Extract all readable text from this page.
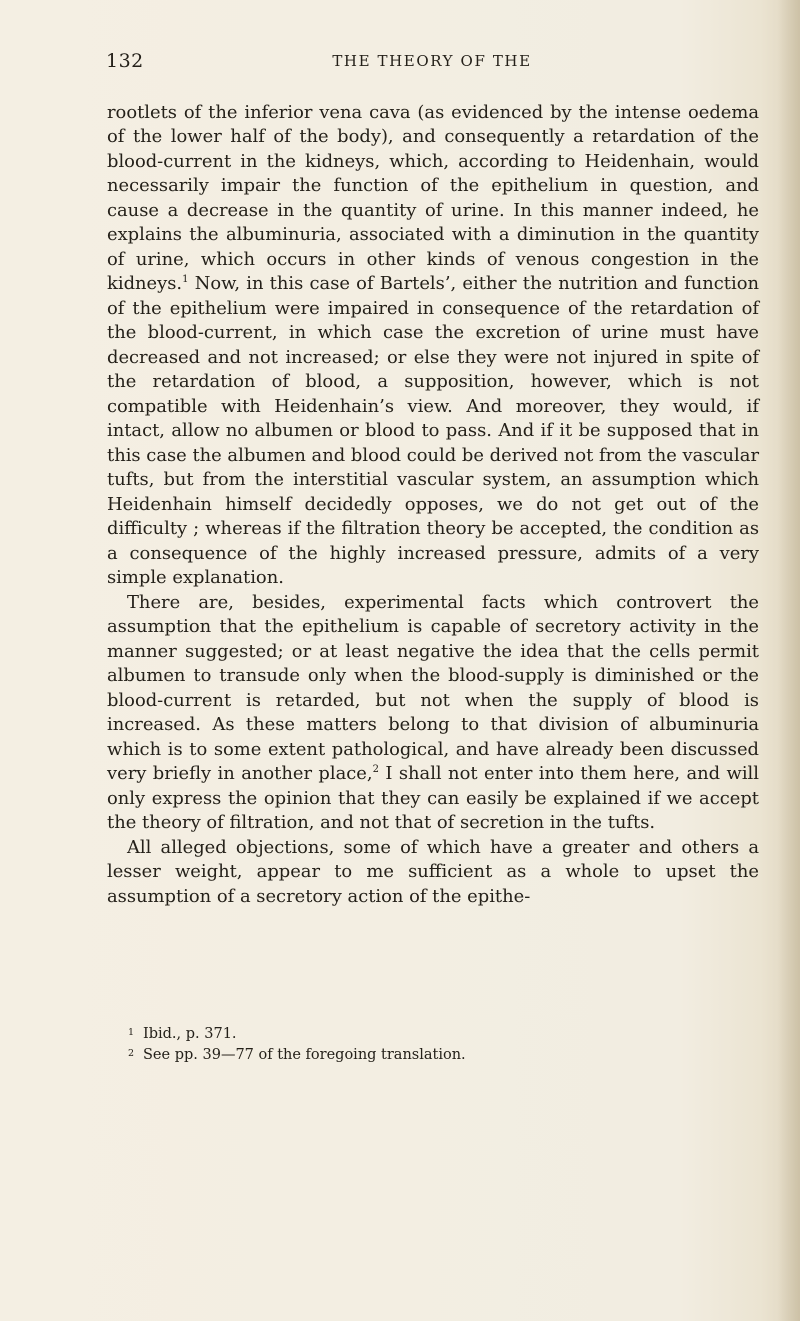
132	THE THEORY OF THE

rootlets of the inferior vena cava (as evidenced by the intense oedema of the lower half of the body), and consequently a retardation of the blood-current in the kidneys, which, according to Heidenhain, would necessarily impair the function of the epithelium in question, and cause a decrease in the quantity of urine. In this manner indeed, he explains the albuminuria, associated with a diminution in the quantity of urine, which occurs in other kinds of venous congestion in the kidneys.$^1$ Now, in this case of Bartels’, either the nutrition and function of the epithelium were impaired in consequence of the retardation of the blood-current, in which case the excretion of urine must have decreased and not increased; or else they were not injured in spite of the retardation of blood, a supposition, however, which is not compatible with Heidenhain’s view. And moreover, they would, if intact, allow no albumen or blood to pass. And if it be supposed that in this case the albumen and blood could be derived not from the vascular tufts, but from the interstitial vascular system, an assumption which Heidenhain himself decidedly opposes, we do not get out of the difficulty ; whereas if the filtration theory be accepted, the condition as a consequence of the highly increased pressure, admits of a very simple explanation.

There are, besides, experimental facts which controvert the assumption that the epithelium is capable of secretory activity in the manner suggested; or at least negative the idea that the cells permit albumen to transude only when the blood-supply is diminished or the blood-current is retarded, but not when the supply of blood is increased. As these matters belong to that division of albuminuria which is to some extent pathological, and have already been discussed very briefly in another place,$^2$ I shall not enter into them here, and will only express the opinion that they can easily be explained if we accept the theory of filtration, and not that of secretion in the tufts.

All alleged objections, some of which have a greater and others a lesser weight, appear to me sufficient as a whole to upset the assumption of a secretory action of the epithe-

1 Ibid., p. 371.
2 See pp. 39—77 of the foregoing translation.
